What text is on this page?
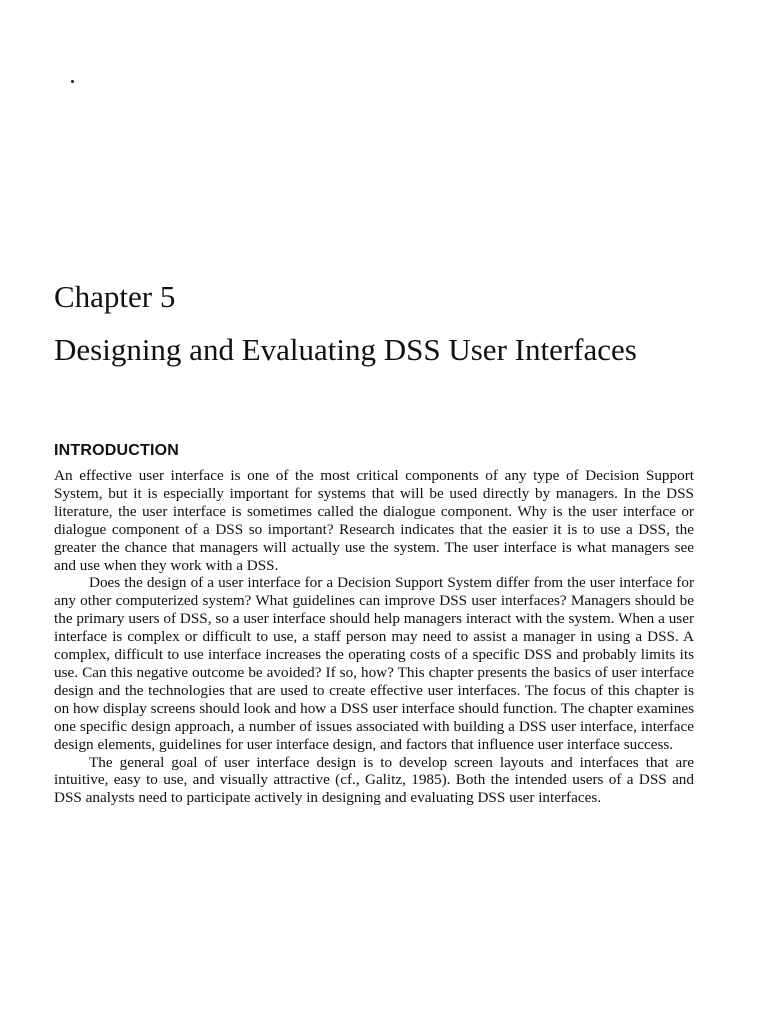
Chapter 5
Designing and Evaluating DSS User Interfaces
INTRODUCTION

An effective user interface is one of the most critical components of any type of Decision Support System, but it is especially important for systems that will be used directly by managers. In the DSS literature, the user interface is sometimes called the dialogue component. Why is the user interface or dialogue component of a DSS so important? Research indicates that the easier it is to use a DSS, the greater the chance that managers will actually use the system. The user interface is what managers see and use when they work with a DSS.

Does the design of a user interface for a Decision Support System differ from the user interface for any other computerized system? What guidelines can improve DSS user interfaces? Managers should be the primary users of DSS, so a user interface should help managers interact with the system. When a user interface is complex or difficult to use, a staff person may need to assist a manager in using a DSS. A complex, difficult to use interface increases the operating costs of a specific DSS and probably limits its use. Can this negative outcome be avoided? If so, how? This chapter presents the basics of user interface design and the technologies that are used to create effective user interfaces. The focus of this chapter is on how display screens should look and how a DSS user interface should function. The chapter examines one specific design approach, a number of issues associated with building a DSS user interface, interface design elements, guidelines for user interface design, and factors that influence user interface success.

The general goal of user interface design is to develop screen layouts and interfaces that are intuitive, easy to use, and visually attractive (cf., Galitz, 1985). Both the intended users of a DSS and DSS analysts need to participate actively in designing and evaluating DSS user interfaces.
